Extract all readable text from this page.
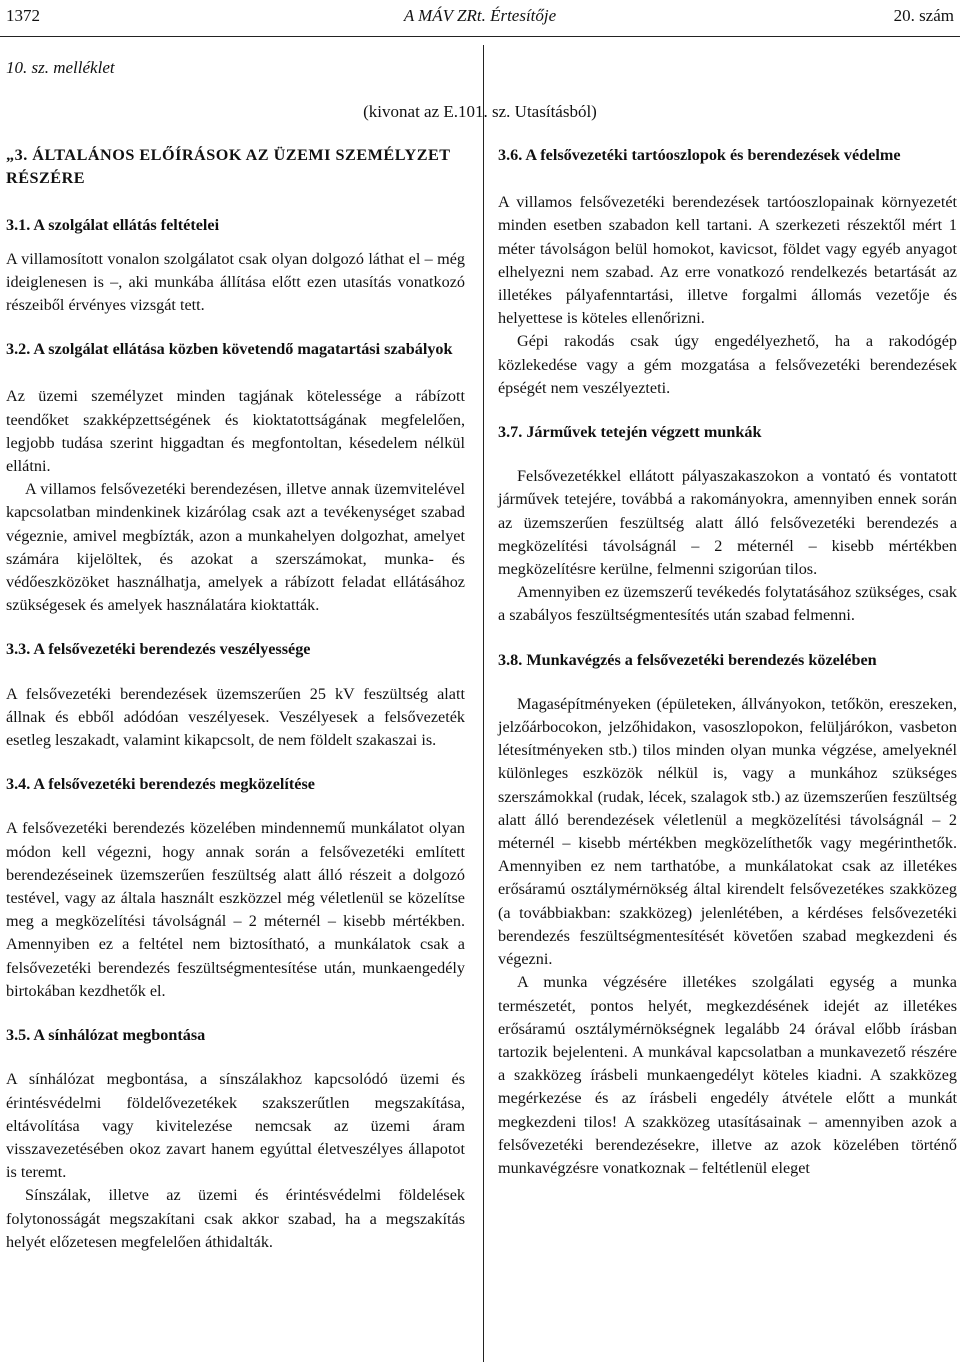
1372	A MÁV ZRt. Értesítője	20. szám
10. sz. melléklet
(kivonat az E.101. sz. Utasításból)
„3. ÁLTALÁNOS ELŐÍRÁSOK AZ ÜZEMI SZEMÉLYZET RÉSZÉRE
3.1. A szolgálat ellátás feltételei

A villamosított vonalon szolgálatot csak olyan dolgozó láthat el – még ideiglenesen is –, aki munkába állítása előtt ezen utasítás vonatkozó részeiből érvényes vizsgát tett.

3.2. A szolgálat ellátása közben követendő magatartási szabályok

Az üzemi személyzet minden tagjának kötelessége a rábízott teendőket szakképzettségének és kioktatottságának megfelelően, legjobb tudása szerint higgadtan és megfontoltan, késedelem nélkül ellátni.

A villamos felsővezetéki berendezésen, illetve annak üzemvitelével kapcsolatban mindenkinek kizárólag csak azt a tevékenységet szabad végeznie, amivel megbízták, azon a munkahelyen dolgozhat, amelyet számára kijelöltek, és azokat a szerszámokat, munka- és védőeszközöket használhatja, amelyek a rábízott feladat ellátásához szükségesek és amelyek használatára kioktatták.

3.3. A felsővezetéki berendezés veszélyessége

A felsővezetéki berendezések üzemszerűen 25 kV feszültség alatt állnak és ebből adódóan veszélyesek. Veszélyesek a felsővezeték esetleg leszakadt, valamint kikapcsolt, de nem földelt szakaszai is.

3.4. A felsővezetéki berendezés megközelítése

A felsővezetéki berendezés közelében mindennemű munkálatot olyan módon kell végezni, hogy annak során a felsővezetéki említett berendezéseinek üzemszerűen feszültség alatt álló részeit a dolgozó testével, vagy az általa használt eszközzel még véletlenül se közelítse meg a megközelítési távolságnál – 2 méternél – kisebb mértékben. Amennyiben ez a feltétel nem biztosítható, a munkálatok csak a felsővezetéki berendezés feszültségmentesítése után, munkaengedély birtokában kezdhetők el.

3.5. A sínhálózat megbontása

A sínhálózat megbontása, a sínszálakhoz kapcsolódó üzemi és érintésvédelmi földelővezetékek szakszerűtlen megszakítása, eltávolítása vagy kivitelezése nemcsak az üzemi áram visszavezetésében okoz zavart hanem egyúttal életveszélyes állapotot is teremt.

Sínszálak, illetve az üzemi és érintésvédelmi földelések folytonosságát megszakítani csak akkor szabad, ha a megszakítás helyét előzetesen megfelelően áthidalták.

3.6. A felsővezetéki tartóoszlopok és berendezések védelme

A villamos felsővezetéki berendezések tartóoszlopainak környezetét minden esetben szabadon kell tartani. A szerkezeti részektől mért 1 méter távolságon belül homokot, kavicsot, földet vagy egyéb anyagot elhelyezni nem szabad. Az erre vonatkozó rendelkezés betartását az illetékes pályafenntartási, illetve forgalmi állomás vezetője és helyettese is köteles ellenőrizni.

Gépi rakodás csak úgy engedélyezhető, ha a rakodógép közlekedése vagy a gém mozgatása a felsővezetéki berendezések épségét nem veszélyezteti.

3.7. Járművek tetején végzett munkák

Felsővezetékkel ellátott pályaszakaszokon a vontató és vontatott járművek tetejére, továbbá a rakományokra, amennyiben ennek során az üzemszerűen feszültség alatt álló felsővezetéki berendezés a megközelítési távolságnál – 2 méternél – kisebb mértékben megközelítésre kerülne, felmenni szigorúan tilos.

Amennyiben ez üzemszerű tevékedés folytatásához szükséges, csak a szabályos feszültségmentesítés után szabad felmenni.

3.8. Munkavégzés a felsővezetéki berendezés közelében

Magasépítményeken (épületeken, állványokon, tetőkön, ereszeken, jelzőárbocokon, jelzőhidakon, vasoszlopokon, felüljárókon, vasbeton létesítményeken stb.) tilos minden olyan munka végzése, amelyeknél különleges eszközök nélkül is, vagy a munkához szükséges szerszámokkal (rudak, lécek, szalagok stb.) az üzemszerűen feszültség alatt álló berendezések véletlenül a megközelítési távolságnál – 2 méternél – kisebb mértékben megközelíthetők vagy megérinthetők. Amennyiben ez nem tarthatóbe, a munkálatokat csak az illetékes erősáramú osztálymérnökség által kirendelt felsővezetékes szakközeg (a továbbiakban: szakközeg) jelenlétében, a kérdéses felsővezetéki berendezés feszültségmentesítését követően szabad megkezdeni és végezni.

A munka végzésére illetékes szolgálati egység a munka természetét, pontos helyét, megkezdésének idejét az illetékes erősáramú osztálymérnökségnek legalább 24 órával előbb írásban tartozik bejelenteni. A munkával kapcsolatban a munkavezető részére a szakközeg írásbeli munkaengedélyt köteles kiadni. A szakközeg megérkezése és az írásbeli engedély átvétele előtt a munkát megkezdeni tilos! A szakközeg utasításainak – amennyiben azok a felsővezetéki berendezésekre, illetve az azok közelében történő munkavégzésre vonatkoznak – feltétlenül eleget
